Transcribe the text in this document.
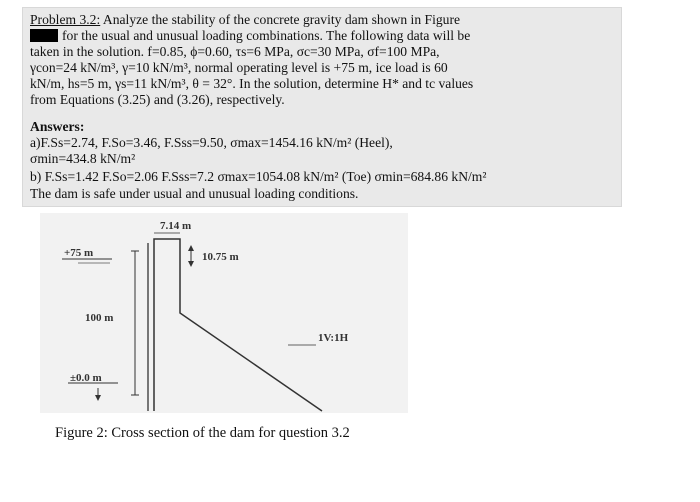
Problem 3.2: Analyze the stability of the concrete gravity dam shown in Figure
for the usual and unusual loading combinations. The following data will be
taken in the solution. f=0.85, ϕ=0.60, τs=6 MPa, σc=30 MPa, σf=100 MPa,
γcon=24 kN/m³, γ=10 kN/m³, normal operating level is +75 m, ice load is 60
kN/m, hs=5 m, γs=11 kN/m³, θ = 32°. In the solution, determine H* and tc values
from Equations (3.25) and (3.26), respectively.
Answers:
a)F.Ss=2.74, F.So=3.46, F.Sss=9.50, σmax=1454.16 kN/m² (Heel),
σmin=434.8 kN/m²
b) F.Ss=1.42 F.So=2.06 F.Sss=7.2 σmax=1054.08 kN/m² (Toe) σmin=684.86 kN/m²
The dam is safe under usual and unusual loading conditions.
+75 m
100 m
±0.0 m
7.14 m
10.75 m
1V:1H
Figure 2: Cross section of the dam for question 3.2
